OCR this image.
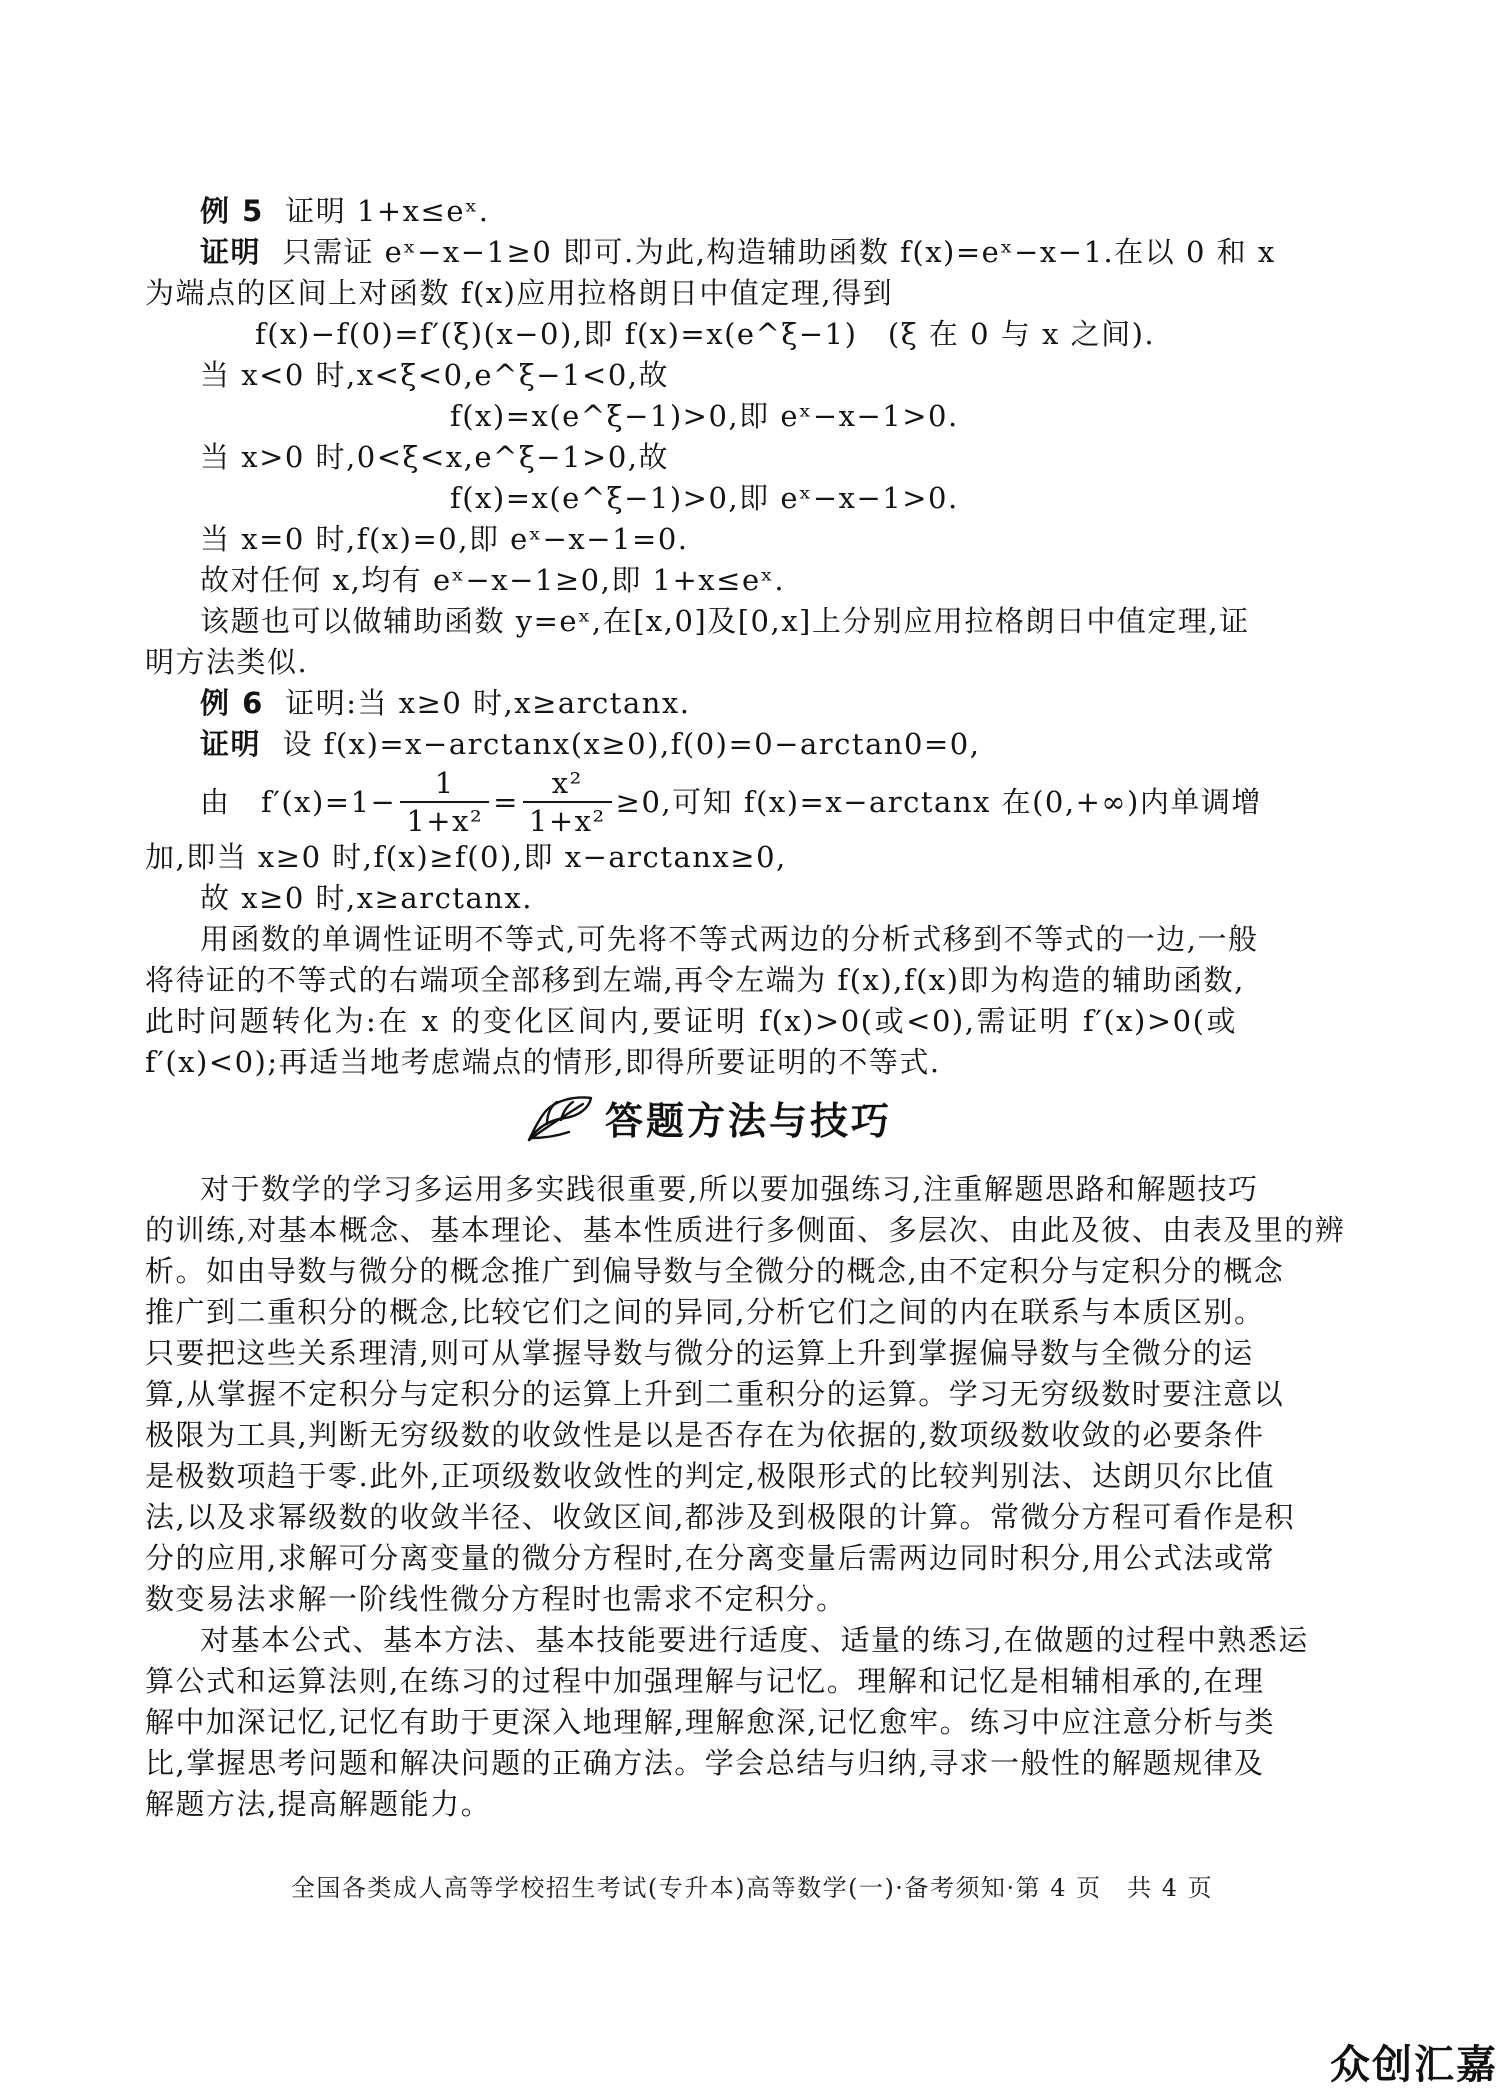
例 5 证明 1+x≤eˣ.
证明 只需证 eˣ−x−1≥0 即可.为此,构造辅助函数 f(x)=eˣ−x−1.在以 0 和 x
为端点的区间上对函数 f(x)应用拉格朗日中值定理,得到
f(x)−f(0)=f′(ξ)(x−0),即 f(x)=x(e^ξ−1)　(ξ 在 0 与 x 之间).
当 x<0 时,x<ξ<0,e^ξ−1<0,故
f(x)=x(e^ξ−1)>0,即 eˣ−x−1>0.
当 x>0 时,0<ξ<x,e^ξ−1>0,故
f(x)=x(e^ξ−1)>0,即 eˣ−x−1>0.
当 x=0 时,f(x)=0,即 eˣ−x−1=0.
故对任何 x,均有 eˣ−x−1≥0,即 1+x≤eˣ.
该题也可以做辅助函数 y=eˣ,在[x,0]及[0,x]上分别应用拉格朗日中值定理,证
明方法类似.
例 6 证明:当 x≥0 时,x≥arctanx.
证明 设 f(x)=x−arctanx(x≥0),f(0)=0−arctan0=0,
由　$f'(x)=1- \frac{1}{\text{1+x²}} = \frac{\text{x²}}{\text{1+x²}} \ge 0$,可知 f(x)=x−arctanx 在(0,+∞)内单调增
加,即当 x≥0 时,f(x)≥f(0),即 x−arctanx≥0,
故 x≥0 时,x≥arctanx.
用函数的单调性证明不等式,可先将不等式两边的分析式移到不等式的一边,一般
将待证的不等式的右端项全部移到左端,再令左端为 f(x),f(x)即为构造的辅助函数,
此时问题转化为:在 x 的变化区间内,要证明 f(x)>0(或<0),需证明 f′(x)>0(或
f′(x)<0);再适当地考虑端点的情形,即得所要证明的不等式.
答题方法与技巧
对于数学的学习多运用多实践很重要,所以要加强练习,注重解题思路和解题技巧
的训练,对基本概念、基本理论、基本性质进行多侧面、多层次、由此及彼、由表及里的辨
析。如由导数与微分的概念推广到偏导数与全微分的概念,由不定积分与定积分的概念
推广到二重积分的概念,比较它们之间的异同,分析它们之间的内在联系与本质区别。
只要把这些关系理清,则可从掌握导数与微分的运算上升到掌握偏导数与全微分的运
算,从掌握不定积分与定积分的运算上升到二重积分的运算。学习无穷级数时要注意以
极限为工具,判断无穷级数的收敛性是以是否存在为依据的,数项级数收敛的必要条件
是极数项趋于零.此外,正项级数收敛性的判定,极限形式的比较判别法、达朗贝尔比值
法,以及求幂级数的收敛半径、收敛区间,都涉及到极限的计算。常微分方程可看作是积
分的应用,求解可分离变量的微分方程时,在分离变量后需两边同时积分,用公式法或常
数变易法求解一阶线性微分方程时也需求不定积分。
对基本公式、基本方法、基本技能要进行适度、适量的练习,在做题的过程中熟悉运
算公式和运算法则,在练习的过程中加强理解与记忆。理解和记忆是相辅相承的,在理
解中加深记忆,记忆有助于更深入地理解,理解愈深,记忆愈牢。练习中应注意分析与类
比,掌握思考问题和解决问题的正确方法。学会总结与归纳,寻求一般性的解题规律及
解题方法,提高解题能力。
全国各类成人高等学校招生考试(专升本)高等数学(一)·备考须知·第 4 页　共 4 页
众创汇嘉
